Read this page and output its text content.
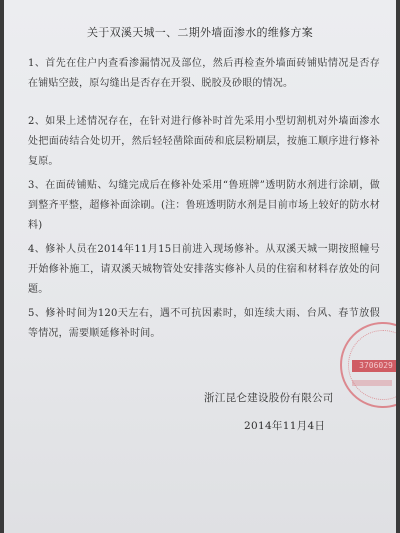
关于双溪天城一、二期外墙面渗水的维修方案
1、首先在住户内查看渗漏情况及部位，然后再检查外墙面砖铺贴情况是否存在铺贴空鼓，原勾缝出是否存在开裂、脱胶及砂眼的情况。
2、如果上述情况存在，在针对进行修补时首先采用小型切割机对外墙面渗水处把面砖结合处切开，然后轻轻凿除面砖和底层粉刷层，按施工顺序进行修补复原。
3、在面砖铺贴、勾缝完成后在修补处采用“鲁班牌”透明防水剂进行涂刷，做到整齐平整，超修补面涂刷。(注：鲁班透明防水剂是目前市场上较好的防水材料)
4、修补人员在2014年11月15日前进入现场修补。从双溪天城一期按照幢号开始修补施工，请双溪天城物管处安排落实修补人员的住宿和材料存放处的问题。
5、修补时间为120天左右，遇不可抗因素时，如连续大雨、台风、春节放假等情况，需要顺延修补时间。
浙江昆仑建设股份有限公司
2014年11月4日
3706029
